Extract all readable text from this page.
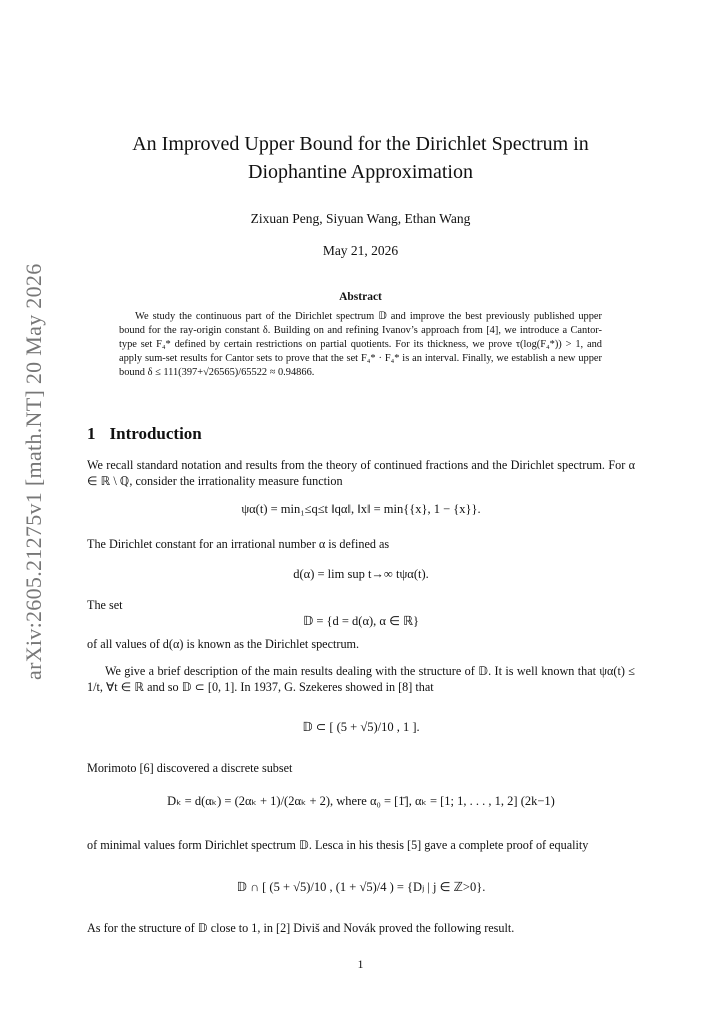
arXiv:2605.21275v1 [math.NT] 20 May 2026
An Improved Upper Bound for the Dirichlet Spectrum in
Diophantine Approximation
Zixuan Peng, Siyuan Wang, Ethan Wang
May 21, 2026
Abstract
We study the continuous part of the Dirichlet spectrum 𝔻 and improve the best previously published upper bound for the ray-origin constant δ. Building on and refining Ivanov’s approach from [4], we introduce a Cantor-type set F₄* defined by certain restrictions on partial quotients. For its thickness, we prove τ(log(F₄*)) > 1, and apply sum-set results for Cantor sets to prove that the set F₄* · F₄* is an interval. Finally, we establish a new upper bound δ ≤ 111(397+√26565)/65522 ≈ 0.94866.
1 Introduction
We recall standard notation and results from the theory of continued fractions and the Dirichlet spectrum. For α ∈ ℝ \ ℚ, consider the irrationality measure function
ψα(t) = min₁≤q≤t ‖qα‖, ‖x‖ = min{{x}, 1 − {x}}.
The Dirichlet constant for an irrational number α is defined as
d(α) = lim sup t→∞ tψα(t).
The set
𝔻 = {d = d(α), α ∈ ℝ}
of all values of d(α) is known as the Dirichlet spectrum.
We give a brief description of the main results dealing with the structure of 𝔻. It is well known that ψα(t) ≤ 1/t, ∀t ∈ ℝ and so 𝔻 ⊂ [0, 1]. In 1937, G. Szekeres showed in [8] that
𝔻 ⊂ [ (5 + √5)/10 , 1 ].
Morimoto [6] discovered a discrete subset
Dₖ = d(αₖ) = (2αₖ + 1)/(2αₖ + 2), where α₀ = [1̄], αₖ = [1; 1, . . . , 1, 2] (2k−1)
of minimal values form Dirichlet spectrum 𝔻. Lesca in his thesis [5] gave a complete proof of equality
𝔻 ∩ [ (5 + √5)/10 , (1 + √5)/4 ) = {Dⱼ | j ∈ ℤ>0}.
As for the structure of 𝔻 close to 1, in [2] Diviš and Novák proved the following result.
1
